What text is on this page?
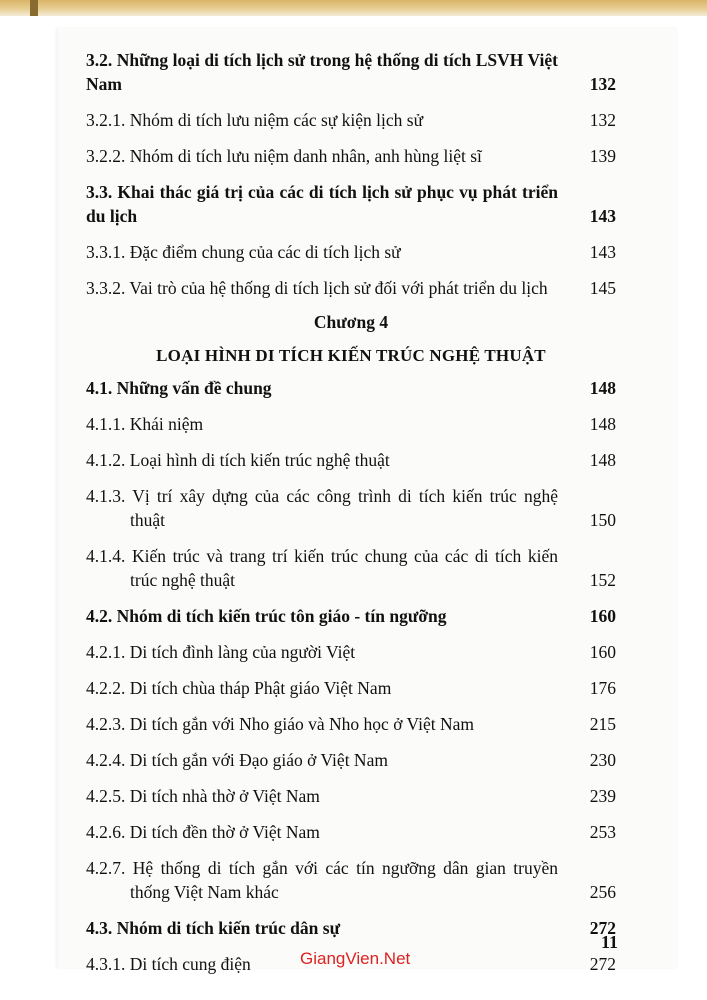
3.2. Những loại di tích lịch sử trong hệ thống di tích LSVH Việt Nam	132
3.2.1. Nhóm di tích lưu niệm các sự kiện lịch sử	132
3.2.2. Nhóm di tích lưu niệm danh nhân, anh hùng liệt sĩ	139
3.3. Khai thác giá trị của các di tích lịch sử phục vụ phát triển du lịch	143
3.3.1. Đặc điểm chung của các di tích lịch sử	143
3.3.2. Vai trò của hệ thống di tích lịch sử đối với phát triển du lịch	145
Chương 4
LOẠI HÌNH DI TÍCH KIẾN TRÚC NGHỆ THUẬT
4.1. Những vấn đề chung	148
4.1.1. Khái niệm	148
4.1.2. Loại hình di tích kiến trúc nghệ thuật	148
4.1.3. Vị trí xây dựng của các công trình di tích kiến trúc nghệ thuật	150
4.1.4. Kiến trúc và trang trí kiến trúc chung của các di tích kiến trúc nghệ thuật	152
4.2. Nhóm di tích kiến trúc tôn giáo - tín ngưỡng	160
4.2.1. Di tích đình làng của người Việt	160
4.2.2. Di tích chùa tháp Phật giáo Việt Nam	176
4.2.3. Di tích gắn với Nho giáo và Nho học ở Việt Nam	215
4.2.4. Di tích gắn với Đạo giáo ở Việt Nam	230
4.2.5. Di tích nhà thờ ở Việt Nam	239
4.2.6. Di tích đền thờ ở Việt Nam	253
4.2.7. Hệ thống di tích gắn với các tín ngưỡng dân gian truyền thống Việt Nam khác	256
4.3. Nhóm di tích kiến trúc dân sự	272
4.3.1. Di tích cung điện	272
11
GiangVien.Net
